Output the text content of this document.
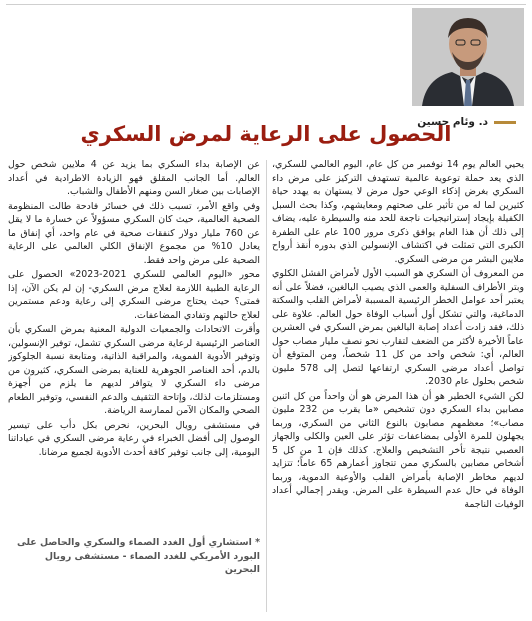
د. وئام حسين
الحصول على الرعاية لمرض السكري

يحيي العالم يوم 14 نوفمبر من كل عام، اليوم العالمي للسكري، الذي يعد حملة توعوية عالمية تستهدف التركيز على مرض داء السكري بغرض إذكاء الوعي حول مرض لا يستهان به يهدد حياة كثيرين لما له من تأثير على صحتهم ومعايشهم، وكذا بحث السبل الكفيلة بإيجاد إستراتيجيات ناجعة للحد منه والسيطرة عليه، يضاف إلى ذلك أن هذا العام يوافق ذكرى مرور 100 عام على الطفرة الكبرى التي تمثلت في اكتشاف الإنسولين الذي بدوره أنقذ أرواح ملايين البشر من مرضى السكري.

من المعروف أن السكري هو السبب الأول لأمراض الفشل الكلوي وبتر الأطراف السفلية والعمى الذي يصيب البالغين، فضلاً على أنه يعتبر أحد عوامل الخطر الرئيسية المسببة لأمراض القلب والسكتة الدماغية، والتي تشكل أول أسباب الوفاة حول العالم. علاوة على ذلك، فقد زادت أعداد إصابة البالغين بمرض السكري في العشرين عاماً الأخيرة لأكثر من الضعف لتقارب نحو نصف مليار مصاب حول العالم، أي: شخص واحد من كل 11 شخصاً، ومن المتوقع أن تواصل أعداد مرضى السكري ارتفاعها لتصل إلى 578 مليون شخص بحلول عام 2030.

لكن الشيء الخطير هو أن هذا المرض هو أن واحداً من كل اثنين مصابين بداء السكري دون تشخيص «ما يقرب من 232 مليون مصاب»؛ معظمهم مصابون بالنوع الثاني من السكري، وربما يجهلون للمرة الأولى بمضاعفات تؤثر على العين والكلى والجهاز العصبي نتيجة تأخر التشخيص والعلاج. كذلك فإن 1 من كل 5 أشخاص مصابين بالسكري ممن تتجاوز أعمارهم 65 عاماً؛ تتزايد لديهم مخاطر الإصابة بأمراض القلب والأوعية الدموية، وربما الوفاة في حال عدم السيطرة على المرض. ويقدر إجمالي أعداد الوفيات الناجمة

عن الإصابة بداء السكري بما يزيد عن 4 ملايين شخص حول العالم. أما الجانب المقلق فهو الزيادة الاطرادية في أعداد الإصابات بين صغار السن ومنهم الأطفال والشباب.

وفي واقع الأمر، تسبب ذلك في خسائر فادحة طالت المنظومة الصحية العالمية، حيث كان السكري مسؤولاً عن خسارة ما لا يقل عن 760 مليار دولار كنفقات صحية في عام واحد، أي إنفاق ما يعادل 10% من مجموع الإنفاق الكلي العالمي على الرعاية الصحية على مرض واحد فقط.

محور «اليوم العالمي للسكري 2021-2023» الحصول على الرعاية الطبية اللازمة لعلاج مرض السكري- إن لم يكن الآن، إذا فمتى؟ حيث يحتاج مرضى السكري إلى رعاية ودعم مستمرين لعلاج حالتهم وتفادي المضاعفات.

وأقرت الاتحادات والجمعيات الدولية المعنية بمرض السكري بأن العناصر الرئيسية لرعاية مرضى السكري تشمل، توفير الإنسولين، وتوفير الأدوية الفموية، والمراقبة الذاتية، ومتابعة نسبة الجلوكوز بالدم، أحد العناصر الجوهرية للعناية بمرضى السكري، كثيرون من مرضى داء السكري لا يتوافر لديهم ما يلزم من أجهزة ومستلزمات لذلك، وإتاحة التثقيف والدعم النفسي، وتوفير الطعام الصحي والمكان الآمن لممارسة الرياضة.

في مستشفى رويال البحرين، نحرص بكل دأب على تيسير الوصول إلى أفضل الخبراء في رعاية مرضى السكري في عياداتنا اليومية، إلى جانب توفير كافة أحدث الأدوية لجميع مرضانا.

* استشاري أول الغدد الصماء والسكري والحاصل على البورد الأمريكي للغدد الصماء - مستشفى رويال البحرين
